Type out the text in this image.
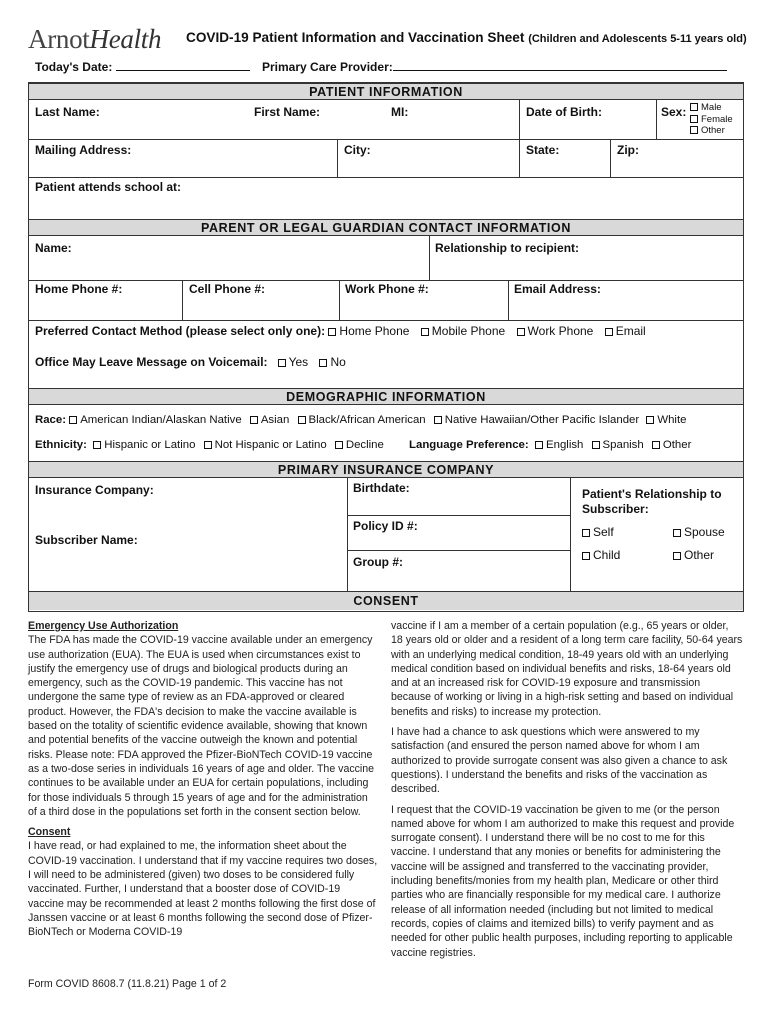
ArnotHealth COVID-19 Patient Information and Vaccination Sheet (Children and Adolescents 5-11 years old)
Today's Date:	Primary Care Provider:
PATIENT INFORMATION
Last Name:	First Name:	MI:	Date of Birth:	Sex:	Male
Female
Other
Mailing Address:	City:	State:	Zip:
Patient attends school at:
PARENT OR LEGAL GUARDIAN CONTACT INFORMATION
Name:	Relationship to recipient:
Home Phone #:	Cell Phone #:	Work Phone #:	Email Address:
Preferred Contact Method (please select only one): Home Phone Mobile Phone Work Phone Email
Office May Leave Message on Voicemail: Yes No
DEMOGRAPHIC INFORMATION
Race: American Indian/Alaskan Native Asian Black/African American Native Hawaiian/Other Pacific Islander White
Ethnicity: Hispanic or Latino Not Hispanic or Latino Decline Language Preference: English Spanish Other
PRIMARY INSURANCE COMPANY
Insurance Company:
Subscriber Name:
Birthdate:
Policy ID #:
Group #:
Patient's Relationship to Subscriber:
Self	Spouse
Child	Other
CONSENT
Emergency Use Authorization

The FDA has made the COVID-19 vaccine available under an emergency use authorization (EUA). The EUA is used when circumstances exist to justify the emergency use of drugs and biological products during an emergency, such as the COVID-19 pandemic. This vaccine has not undergone the same type of review as an FDA-approved or cleared product. However, the FDA's decision to make the vaccine available is based on the totality of scientific evidence available, showing that known and potential benefits of the vaccine outweigh the known and potential risks. Please note: FDA approved the Pfizer-BioNTech COVID-19 vaccine as a two-dose series in individuals 16 years of age and older. The vaccine continues to be available under an EUA for certain populations, including for those individuals 5 through 15 years of age and for the administration of a third dose in the populations set forth in the consent section below.

Consent

I have read, or had explained to me, the information sheet about the COVID-19 vaccination. I understand that if my vaccine requires two doses, I will need to be administered (given) two doses to be considered fully vaccinated. Further, I understand that a booster dose of COVID-19 vaccine may be recommended at least 2 months following the first dose of Janssen vaccine or at least 6 months following the second dose of Pfizer-BioNTech or Moderna COVID-19

vaccine if I am a member of a certain population (e.g., 65 years or older, 18 years old or older and a resident of a long term care facility, 50-64 years with an underlying medical condition, 18-49 years old with an underlying medical condition based on individual benefits and risks, 18-64 years old and at an increased risk for COVID-19 exposure and transmission because of working or living in a high-risk setting and based on individual benefits and risks) to increase my protection.

I have had a chance to ask questions which were answered to my satisfaction (and ensured the person named above for whom I am authorized to provide surrogate consent was also given a chance to ask questions). I understand the benefits and risks of the vaccination as described.

I request that the COVID-19 vaccination be given to me (or the person named above for whom I am authorized to make this request and provide surrogate consent). I understand there will be no cost to me for this vaccine. I understand that any monies or benefits for administering the vaccine will be assigned and transferred to the vaccinating provider, including benefits/monies from my health plan, Medicare or other third parties who are financially responsible for my medical care. I authorize release of all information needed (including but not limited to medical records, copies of claims and itemized bills) to verify payment and as needed for other public health purposes, including reporting to applicable vaccine registries.

Form COVID 8608.7 (11.8.21) Page 1 of 2
